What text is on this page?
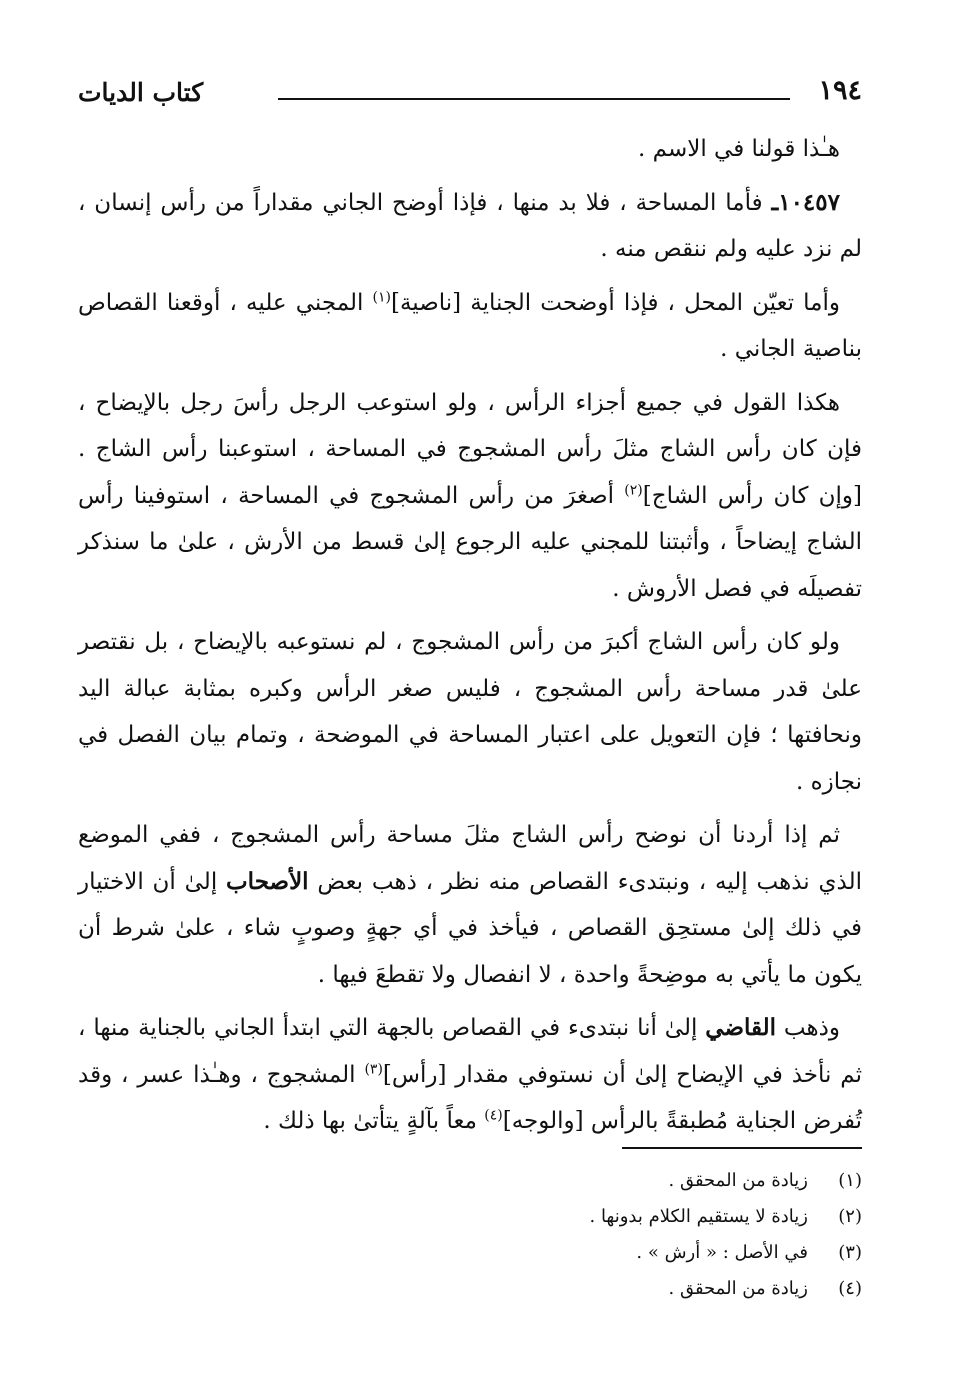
١٩٤
كتاب الديات

هـٰذا قولنا في الاسم .

١٠٤٥٧ـ فأما المساحة ، فلا بد منها ، فإذا أوضح الجاني مقداراً من رأس إنسان ، لم نزد عليه ولم ننقص منه .

وأما تعيّن المحل ، فإذا أوضحت الجناية [ناصية]$^{(١)}$ المجني عليه ، أوقعنا القصاص بناصية الجاني .

هكذا القول في جميع أجزاء الرأس ، ولو استوعب الرجل رأسَ رجل بالإيضاح ، فإن كان رأس الشاج مثلَ رأس المشجوج في المساحة ، استوعبنا رأس الشاج . [وإن كان رأس الشاج]$^{(٢)}$ أصغرَ من رأس المشجوج في المساحة ، استوفينا رأس الشاج إيضاحاً ، وأثبتنا للمجني عليه الرجوع إلىٰ قسط من الأرش ، علىٰ ما سنذكر تفصيلَه في فصل الأروش .

ولو كان رأس الشاج أكبرَ من رأس المشجوج ، لم نستوعبه بالإيضاح ، بل نقتصر علىٰ قدر مساحة رأس المشجوج ، فليس صغر الرأس وكبره بمثابة عبالة اليد ونحافتها ؛ فإن التعويل على اعتبار المساحة في الموضحة ، وتمام بيان الفصل في نجازه .

ثم إذا أردنا أن نوضح رأس الشاج مثلَ مساحة رأس المشجوج ، ففي الموضع الذي نذهب إليه ، ونبتدىء القصاص منه نظر ، ذهب بعض الأصحاب إلىٰ أن الاختيار في ذلك إلىٰ مستحِق القصاص ، فيأخذ في أي جهةٍ وصوبٍ شاء ، علىٰ شرط أن يكون ما يأتي به موضِحةً واحدة ، لا انفصال ولا تقطعَ فيها .

وذهب القاضي إلىٰ أنا نبتدىء في القصاص بالجهة التي ابتدأ الجاني بالجناية منها ، ثم نأخذ في الإيضاح إلىٰ أن نستوفي مقدار [رأس]$^{(٣)}$ المشجوج ، وهـٰذا عسر ، وقد تُفرض الجناية مُطبقةً بالرأس [والوجه]$^{(٤)}$ معاً بآلةٍ يتأتىٰ بها ذلك .

(١)
زيادة من المحقق .
(٢)
زيادة لا يستقيم الكلام بدونها .
(٣)
في الأصل : « أرش » .
(٤)
زيادة من المحقق .
